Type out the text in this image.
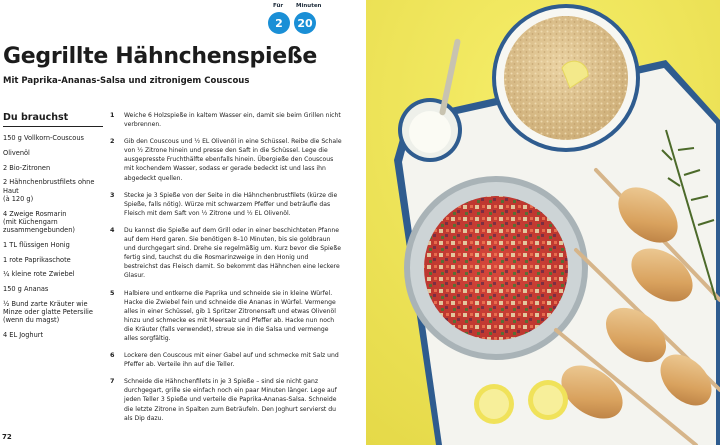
Für Minuten
2	20
Gegrillte Hähnchenspieße

Mit Paprika-Ananas-Salsa und zitronigem Couscous

Du brauchst
150 g Vollkorn-Couscous
Olivenöl
2 Bio-Zitronen
2 Hähnchenbrustfilets ohne Haut
(à 120 g)
4 Zweige Rosmarin
(mit Küchengarn
zusammengebunden)
1 TL flüssigen Honig
1 rote Paprikaschote
¼ kleine rote Zwiebel
150 g Ananas
½ Bund zarte Kräuter wie
Minze oder glatte Petersilie
(wenn du magst)
4 EL Joghurt
1 Weiche 6 Holzspieße in kaltem Wasser ein, damit sie beim Grillen nicht verbrennen.
2 Gib den Couscous und ½ EL Olivenöl in eine Schüssel. Reibe die Schale von ½ Zitrone hinein und presse den Saft in die Schüssel. Lege die ausgepresste Fruchthälfte ebenfalls hinein. Übergieße den Couscous mit kochendem Wasser, sodass er gerade bedeckt ist und lass ihn abgedeckt quellen.
3 Stecke je 3 Spieße von der Seite in die Hähnchenbrustfilets (kürze die Spieße, falls nötig). Würze mit schwarzem Pfeffer und beträufle das Fleisch mit dem Saft von ½ Zitrone und ½ EL Olivenöl.
4 Du kannst die Spieße auf dem Grill oder in einer beschichteten Pfanne auf dem Herd garen. Sie benötigen 8–10 Minuten, bis sie goldbraun und durchgegart sind. Drehe sie regelmäßig um. Kurz bevor die Spieße fertig sind, tauchst du die Rosmarinzweige in den Honig und bestreichst das Fleisch damit. So bekommt das Hähnchen eine leckere Glasur.
5 Halbiere und entkerne die Paprika und schneide sie in kleine Würfel. Hacke die Zwiebel fein und schneide die Ananas in Würfel. Vermenge alles in einer Schüssel, gib 1 Spritzer Zitronensaft und etwas Olivenöl hinzu und schmecke es mit Meersalz und Pfeffer ab. Hacke nun noch die Kräuter (falls verwendet), streue sie in die Salsa und vermenge alles sorgfältig.
6 Lockere den Couscous mit einer Gabel auf und schmecke mit Salz und Pfeffer ab. Verteile ihn auf die Teller.
7 Schneide die Hähnchenfilets in je 3 Spieße – sind sie nicht ganz durchgegart, grille sie einfach noch ein paar Minuten länger. Lege auf jeden Teller 3 Spieße und verteile die Paprika-Ananas-Salsa. Schneide die letzte Zitrone in Spalten zum Beträufeln. Den Joghurt servierst du als Dip dazu.
72
